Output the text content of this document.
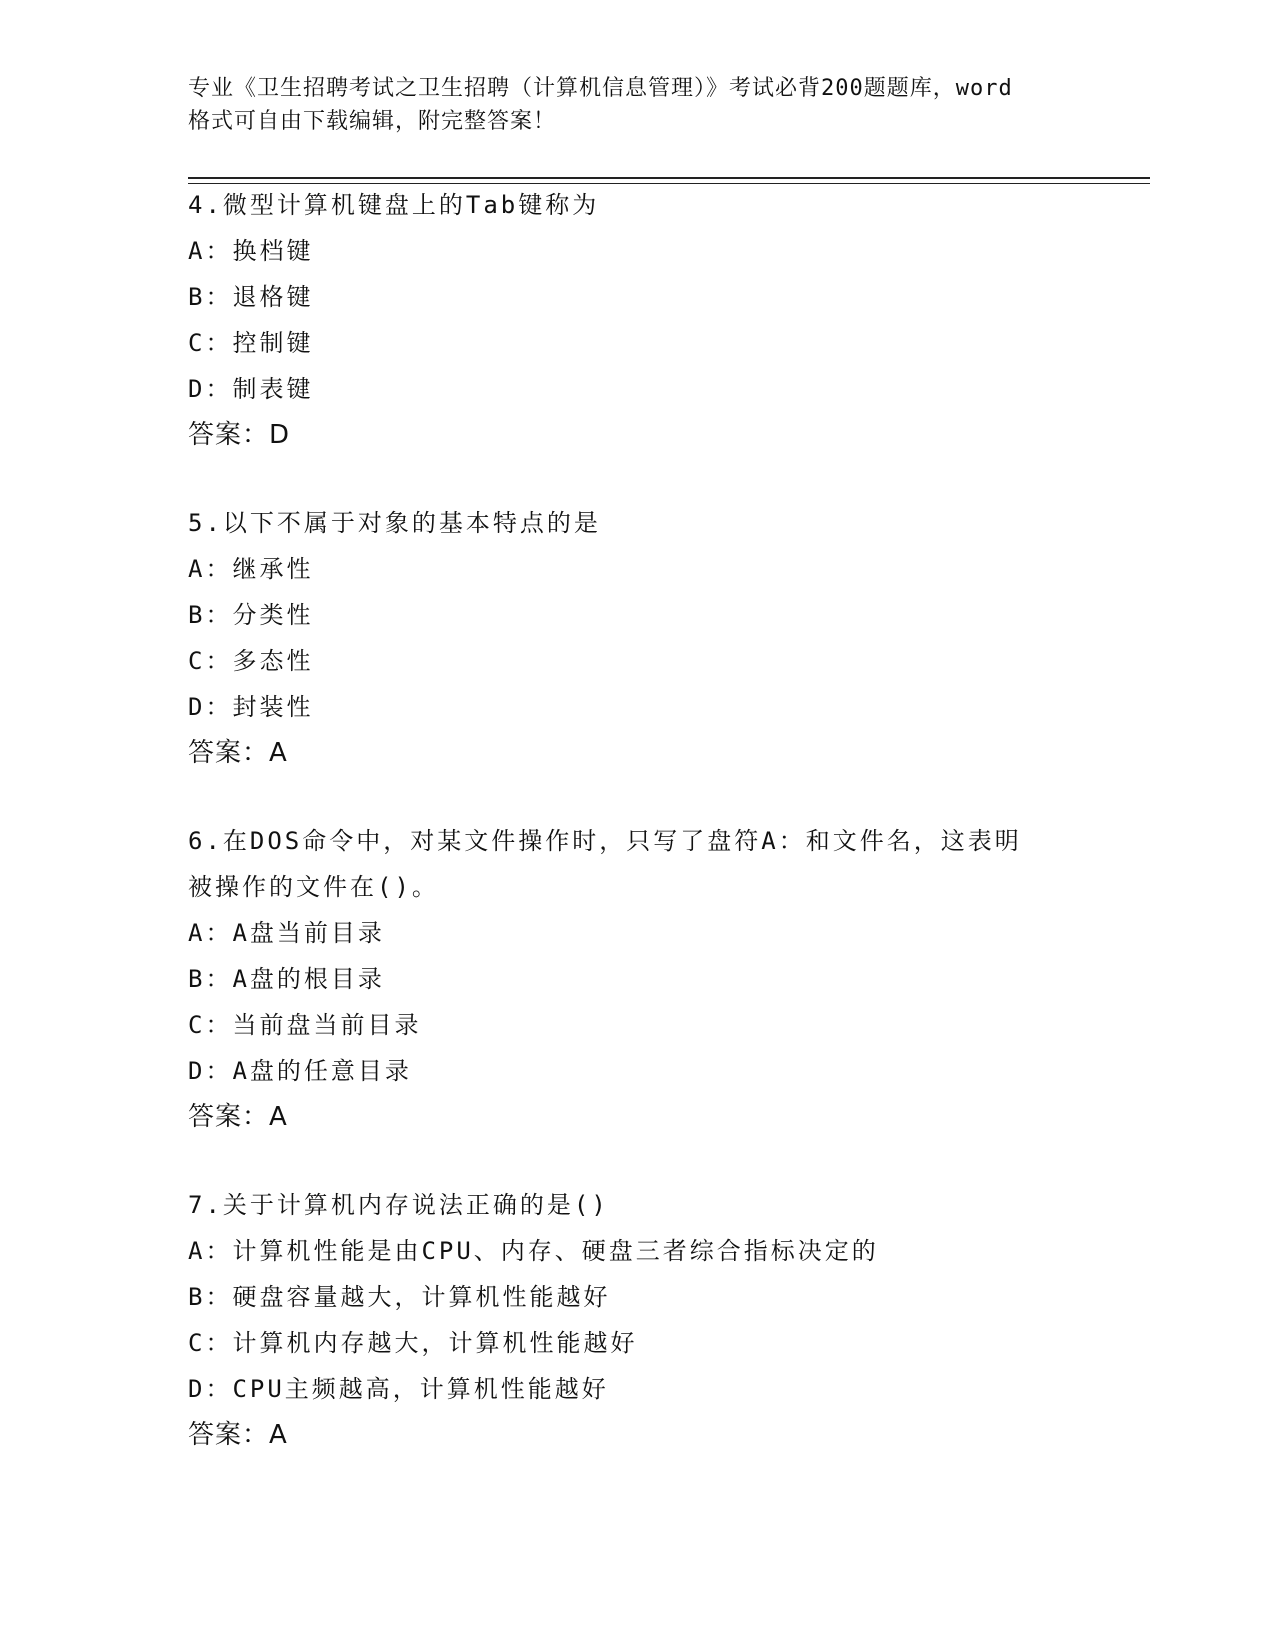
专业《卫生招聘考试之卫生招聘（计算机信息管理）》考试必背200题题库，word
格式可自由下载编辑，附完整答案！
4.微型计算机键盘上的Tab键称为
A：换档键
B：退格键
C：控制键
D：制表键
答案：D
5.以下不属于对象的基本特点的是
A：继承性
B：分类性
C：多态性
D：封装性
答案：A
6.在DOS命令中，对某文件操作时，只写了盘符A：和文件名，这表明
被操作的文件在()。
A：A盘当前目录
B：A盘的根目录
C：当前盘当前目录
D：A盘的任意目录
答案：A
7.关于计算机内存说法正确的是()
A：计算机性能是由CPU、内存、硬盘三者综合指标决定的
B：硬盘容量越大，计算机性能越好
C：计算机内存越大，计算机性能越好
D：CPU主频越高，计算机性能越好
答案：A
